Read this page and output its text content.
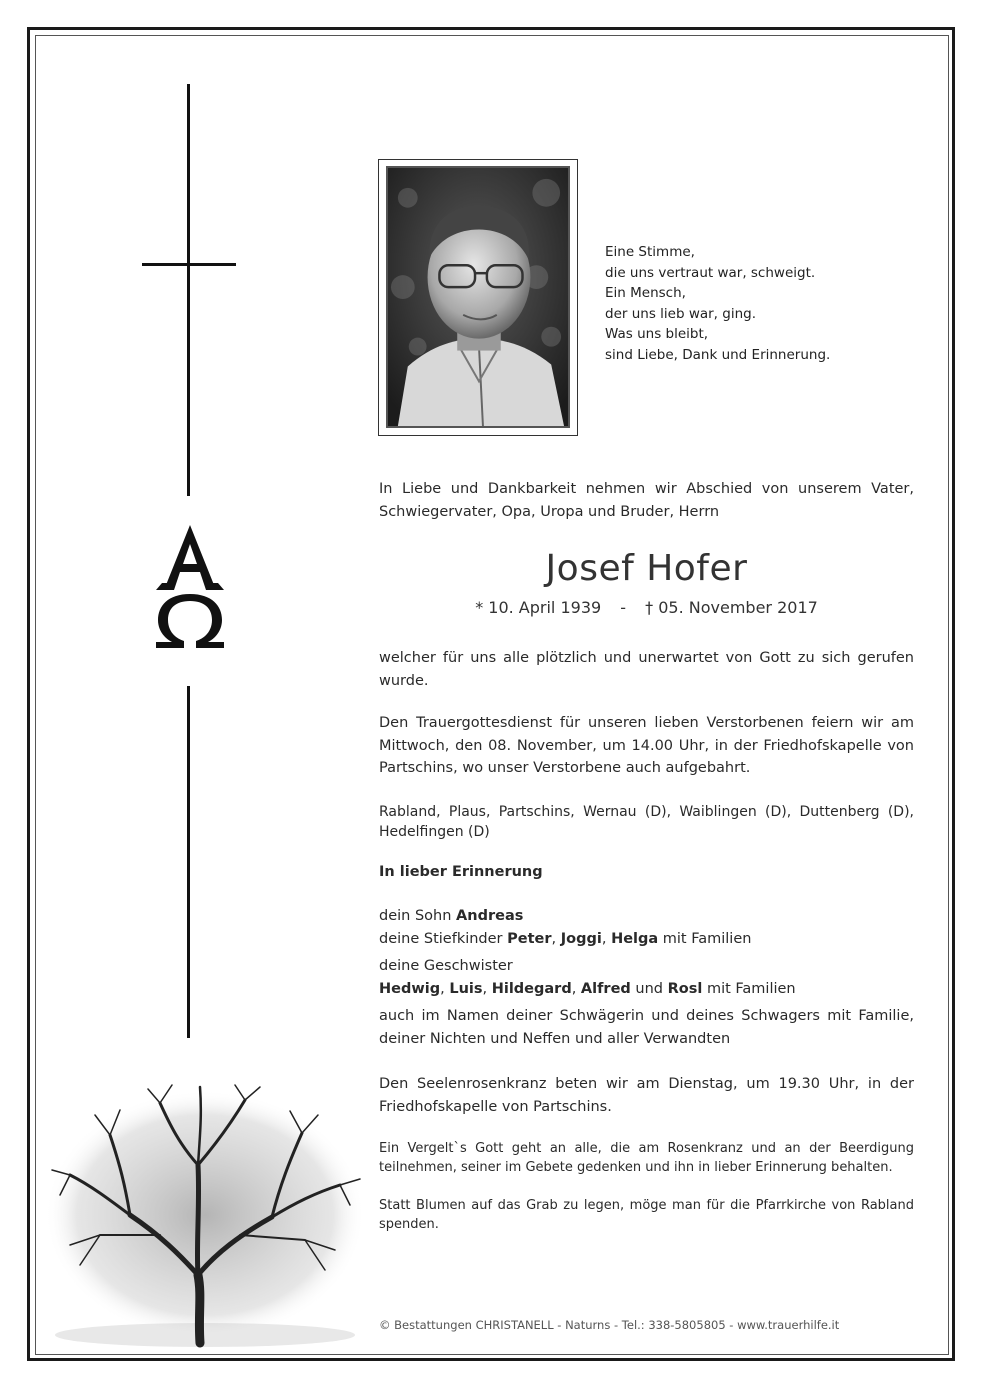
Eine Stimme,
die uns vertraut war, schweigt.
Ein Mensch,
der uns lieb war, ging.
Was uns bleibt,
sind Liebe, Dank und Erinnerung.
In Liebe und Dankbarkeit nehmen wir Abschied von unserem Vater, Schwiegervater, Opa, Uropa und Bruder, Herrn
Josef Hofer
* 10. April 1939 - † 05. November 2017
welcher für uns alle plötzlich und unerwartet von Gott zu sich gerufen wurde.
Den Trauergottesdienst für unseren lieben Verstorbenen feiern wir am Mittwoch, den 08. November, um 14.00 Uhr, in der Friedhofskapelle von Partschins, wo unser Verstorbene auch aufgebahrt.
Rabland, Plaus, Partschins, Wernau (D), Waiblingen (D), Duttenberg (D), Hedelfingen (D)
In lieber Erinnerung
dein Sohn Andreas
deine Stiefkinder Peter, Joggi, Helga mit Familien
deine Geschwister
Hedwig, Luis, Hildegard, Alfred und Rosl mit Familien
auch im Namen deiner Schwägerin und deines Schwagers mit Familie, deiner Nichten und Neffen und aller Verwandten
Den Seelenrosenkranz beten wir am Dienstag, um 19.30 Uhr, in der Friedhofskapelle von Partschins.
Ein Vergelt`s Gott geht an alle, die am Rosenkranz und an der Beerdigung teilnehmen, seiner im Gebete gedenken und ihn in lieber Erinnerung behalten.
Statt Blumen auf das Grab zu legen, möge man für die Pfarrkirche von Rabland spenden.
© Bestattungen CHRISTANELL - Naturns - Tel.: 338-5805805 - www.trauerhilfe.it
